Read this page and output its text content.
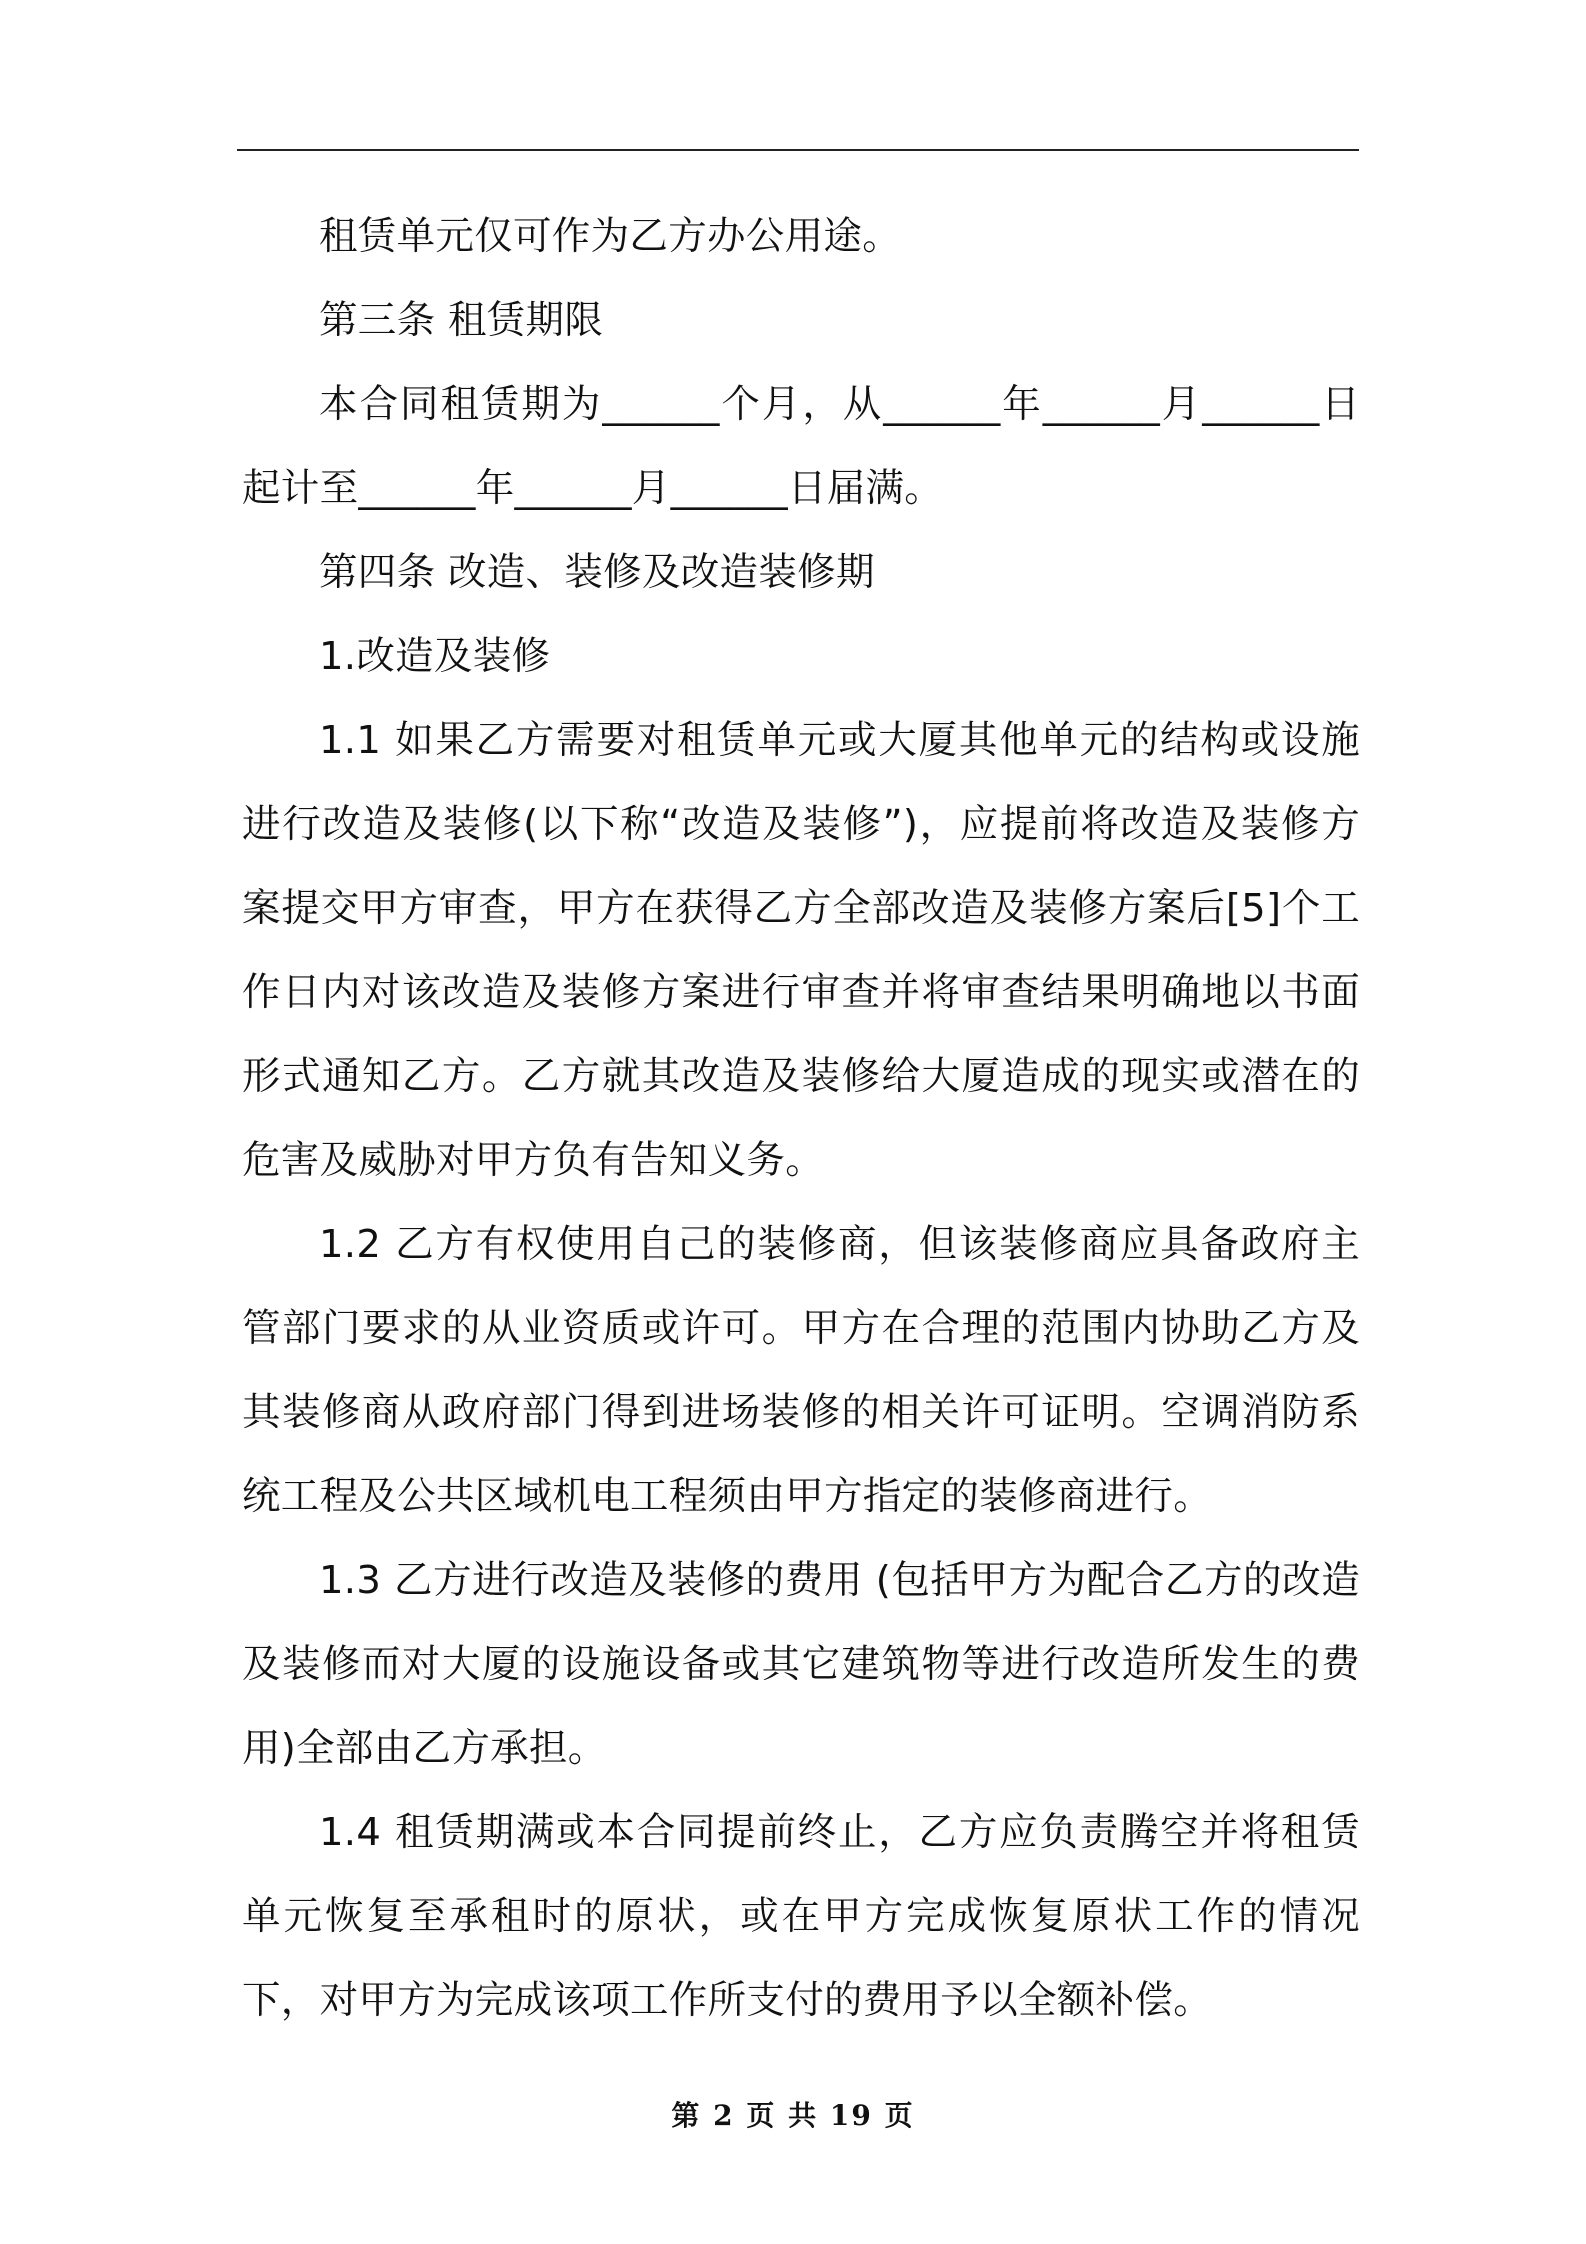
租赁单元仅可作为乙方办公用途。

第三条 租赁期限

本合同租赁期为______个月，从______年______月______日起计至______年______月______日届满。

第四条 改造、装修及改造装修期

1.改造及装修

1.1 如果乙方需要对租赁单元或大厦其他单元的结构或设施进行改造及装修(以下称“改造及装修”)，应提前将改造及装修方案提交甲方审查，甲方在获得乙方全部改造及装修方案后[5]个工作日内对该改造及装修方案进行审查并将审查结果明确地以书面形式通知乙方。乙方就其改造及装修给大厦造成的现实或潜在的危害及威胁对甲方负有告知义务。

1.2 乙方有权使用自己的装修商，但该装修商应具备政府主管部门要求的从业资质或许可。甲方在合理的范围内协助乙方及其装修商从政府部门得到进场装修的相关许可证明。空调消防系统工程及公共区域机电工程须由甲方指定的装修商进行。

1.3 乙方进行改造及装修的费用 (包括甲方为配合乙方的改造及装修而对大厦的设施设备或其它建筑物等进行改造所发生的费用)全部由乙方承担。

1.4 租赁期满或本合同提前终止，乙方应负责腾空并将租赁单元恢复至承租时的原状，或在甲方完成恢复原状工作的情况下，对甲方为完成该项工作所支付的费用予以全额补偿。

第 2 页 共 19 页
